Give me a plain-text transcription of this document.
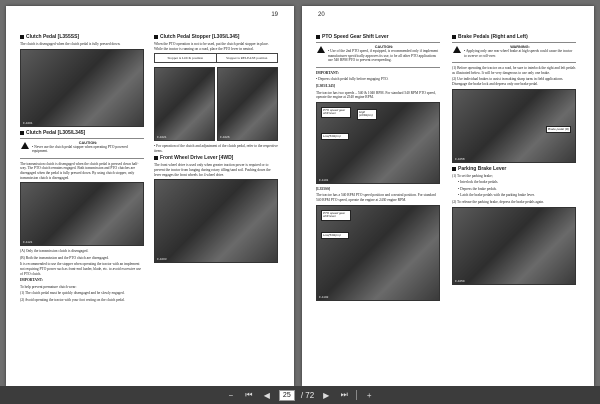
19
Clutch Pedal [L355SS]
The clutch is disengaged when the clutch pedal is fully pressed down.
F-1001
Clutch Pedal [L305/L345]
CAUTION:
• Never use the clutch pedal stopper when operating PTO powered equipment.
The transmission clutch is disengaged when the clutch pedal is pressed down half-way. The PTO clutch remains engaged. Both transmission and PTO clutches are disengaged when the pedal is fully pressed down. By using clutch stopper, only transmission clutch is disengaged.
F-1121
(A) Only the transmission clutch is disengaged.
(B) Both the transmission and the PTO clutch are disengaged.
It is recommended to use the stopper when operating the tractor with an implement not requiring PTO power such as front-end loader, blade, etc. to avoid excessive use of PTO clutch.
IMPORTANT:
To help prevent premature clutch wear:
(1) The clutch pedal must be quickly disengaged and be slowly engaged.
(2) Avoid operating the tractor with your foot resting on the clutch pedal.
Clutch Pedal Stopper [L305/L345]
When the PTO operation is not to be used, put the clutch pedal stopper in place. While the tractor is running on a road, place the PTO lever in neutral.
Stopper is LOCK position	Stopper is RELEASE position
F-1021	F-1026
• For operation of the clutch and adjustment of the clutch pedal, refer to the respective items.
Front Wheel Drive Lever [4WD]
The front wheel drive is used only when greater traction power is required or to prevent the tractor from lunging during rotary tilling/sand soil. Pushing down the lever engages the front wheels for 4 wheel drive.
F-1003
20
PTO Speed Gear Shift Lever
CAUTION:
• Use of the 2nd PTO speed, if equipped, is recommended only if implement manufacturer specifically approves its use, to be all other PTO applications use 540 RPM PTO to prevent overspeeding.
IMPORTANT:
• Depress clutch pedal fully before engaging PTO.
[L305/L345]
The tractor has two speeds – 540 & 1040 RPM. For standard 540 RPM PTO speed, operate the engine at 2540 engine RPM.
PTO speed gear shift lever	High (1040rpm)
Low(540rpm)
F-1101
[L355SS]
The tractor has a 540 RPM PTO speed position and a neutral position. For standard 540 RPM PTO speed, operate the engine at 2430 engine RPM.
PTO speed gear shift lever
Low(540rpm)
F-1102
Brake Pedals (Right and Left)
WARNING:
• Applying only one rear wheel brake at high speeds could cause the tractor to swerve or roll-over.
(1) Before operating the tractor on a road, be sure to interlock the right and left pedals as illustrated below. It will be very dangerous to use only one brake.
(2) Use individual brakes to assist in making sharp turns in field applications. Disengage the brake lock and depress only one brake pedal.
Brake pedal (R)
F-1058
Parking Brake Lever
(1) To set the parking brake;
• Interlock the brake pedals.
• Depress the brake pedals.
• Latch the brake pedals with the parking brake lever.
(2) To release the parking brake, depress the brake pedals again.
F-1059
−	⏮	◀	25	/ 72	▶	⏭	+
